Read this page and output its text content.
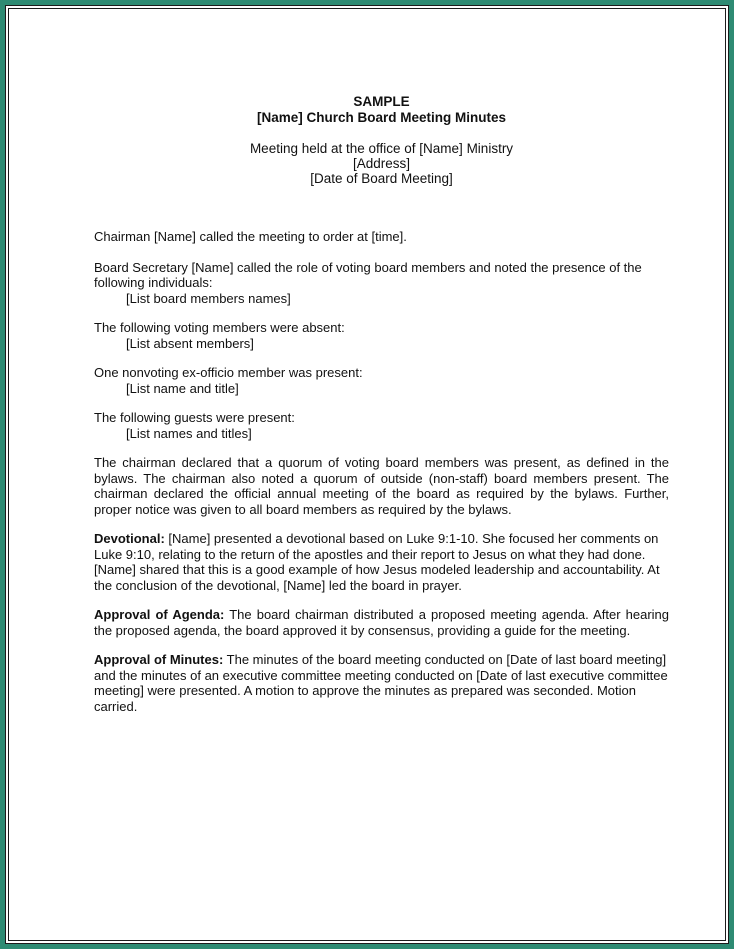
SAMPLE
[Name] Church Board Meeting Minutes
Meeting held at the office of [Name] Ministry
[Address]
[Date of Board Meeting]
Chairman [Name] called the meeting to order at [time].
Board Secretary [Name] called the role of voting board members and noted the presence of the following individuals:
[List board members names]
The following voting members were absent:
[List absent members]
One nonvoting ex-officio member was present:
[List name and title]
The following guests were present:
[List names and titles]
The chairman declared that a quorum of voting board members was present, as defined in the bylaws. The chairman also noted a quorum of outside (non-staff) board members present. The chairman declared the official annual meeting of the board as required by the bylaws. Further, proper notice was given to all board members as required by the bylaws.
Devotional: [Name] presented a devotional based on Luke 9:1-10. She focused her comments on Luke 9:10, relating to the return of the apostles and their report to Jesus on what they had done.[Name] shared that this is a good example of how Jesus modeled leadership and accountability. At the conclusion of the devotional, [Name] led the board in prayer.
Approval of Agenda: The board chairman distributed a proposed meeting agenda. After hearing the proposed agenda, the board approved it by consensus, providing a guide for the meeting.
Approval of Minutes: The minutes of the board meeting conducted on [Date of last board meeting] and the minutes of an executive committee meeting conducted on [Date of last executive committee meeting] were presented. A motion to approve the minutes as prepared was seconded. Motion carried.
